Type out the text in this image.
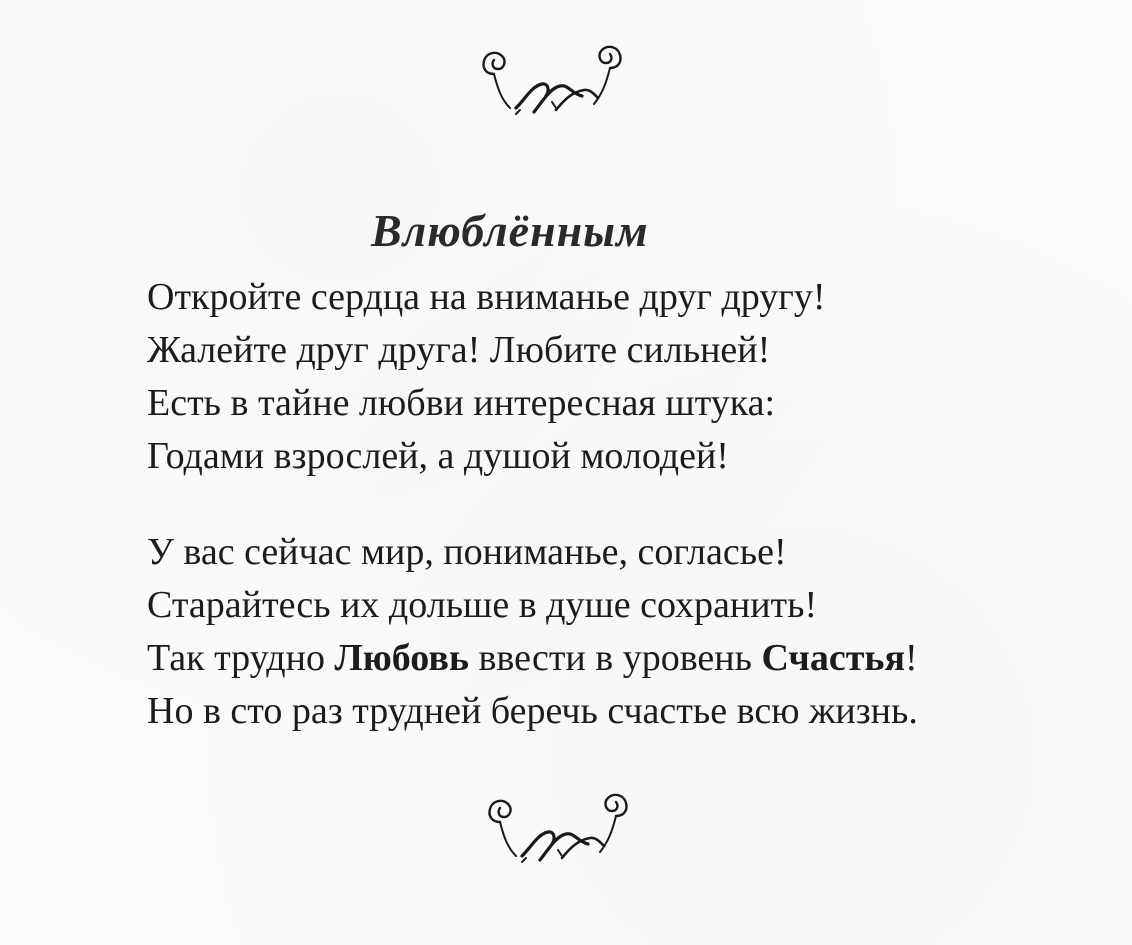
Влюблённым
Откройте сердца на вниманье друг другу!
Жалейте друг друга! Любите сильней!
Есть в тайне любви интересная штука:
Годами взрослей, а душой молодей!
У вас сейчас мир, пониманье, согласье!
Старайтесь их дольше в душе сохранить!
Так трудно Любовь ввести в уровень Счастья!
Но в сто раз трудней беречь счастье всю жизнь.
